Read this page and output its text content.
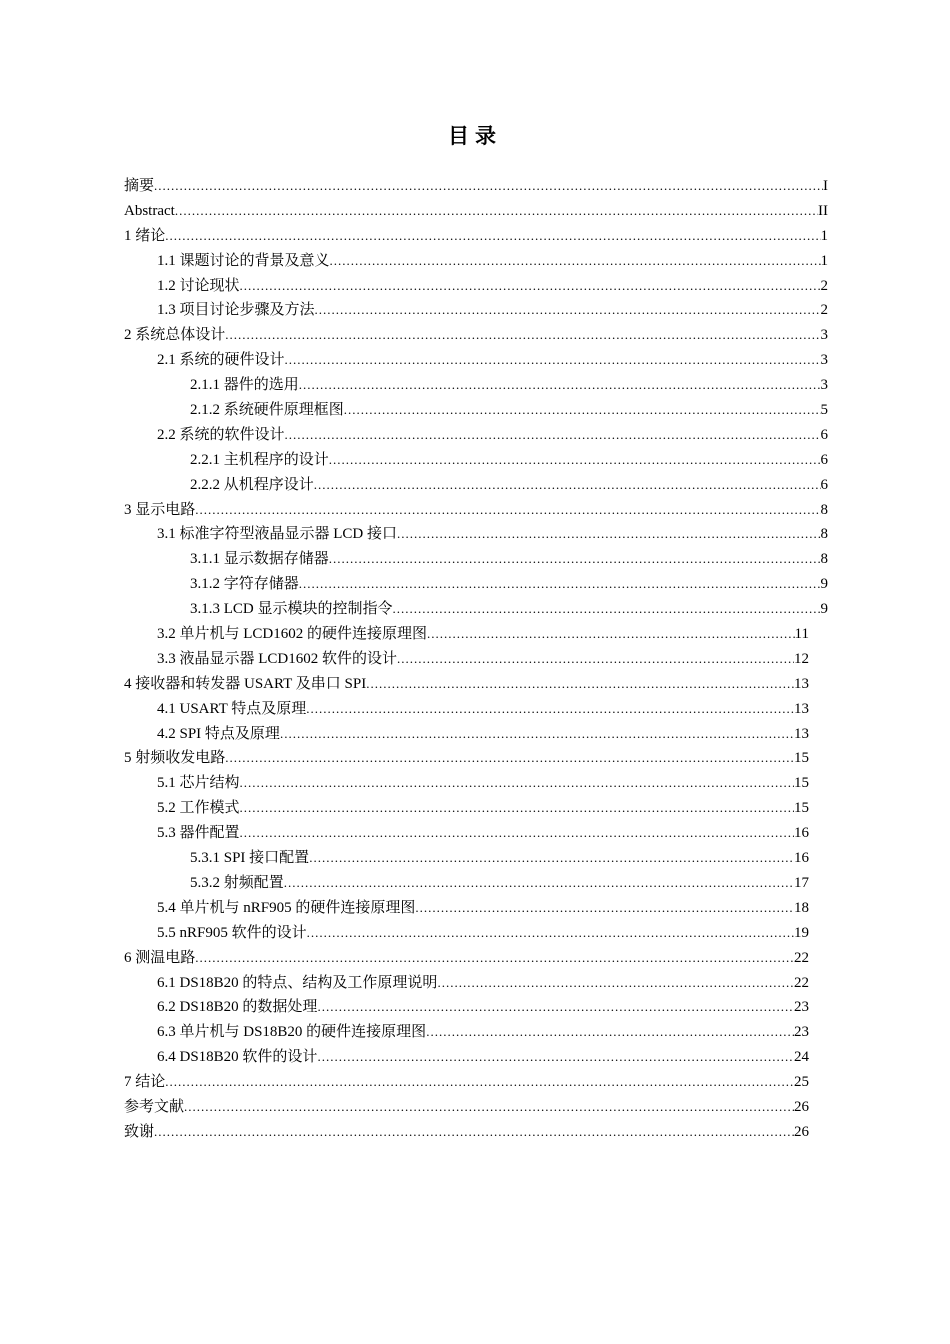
目录
摘要 .....	I
Abstract .....	II
1 绪论 .....	1
1.1 课题讨论的背景及意义 .....	1
1.2 讨论现状 .....	2
1.3 项目讨论步骤及方法 .....	2
2 系统总体设计 .....	3
2.1 系统的硬件设计 .....	3
2.1.1 器件的选用 .....	3
2.1.2 系统硬件原理框图 .....	5
2.2 系统的软件设计 .....	6
2.2.1 主机程序的设计 .....	6
2.2.2 从机程序设计 .....	6
3 显示电路 .....	8
3.1 标准字符型液晶显示器 LCD 接口 .....	8
3.1.1 显示数据存储器 .....	8
3.1.2 字符存储器 .....	9
3.1.3 LCD 显示模块的控制指令 .....	9
3.2 单片机与 LCD1602 的硬件连接原理图 .....	11
3.3 液晶显示器 LCD1602 软件的设计 .....	12
4 接收器和转发器 USART 及串口 SPI .....	13
4.1 USART 特点及原理 .....	13
4.2 SPI 特点及原理 .....	13
5 射频收发电路 .....	15
5.1 芯片结构 .....	15
5.2 工作模式 .....	15
5.3 器件配置 .....	16
5.3.1 SPI 接口配置 .....	16
5.3.2 射频配置 .....	17
5.4 单片机与 nRF905 的硬件连接原理图 .....	18
5.5 nRF905 软件的设计 .....	19
6 测温电路 .....	22
6.1 DS18B20 的特点、结构及工作原理说明 .....	22
6.2 DS18B20 的数据处理 .....	23
6.3 单片机与 DS18B20 的硬件连接原理图 .....	23
6.4 DS18B20 软件的设计 .....	24
7 结论 .....	25
参考文献 .....	26
致谢 .....	26
